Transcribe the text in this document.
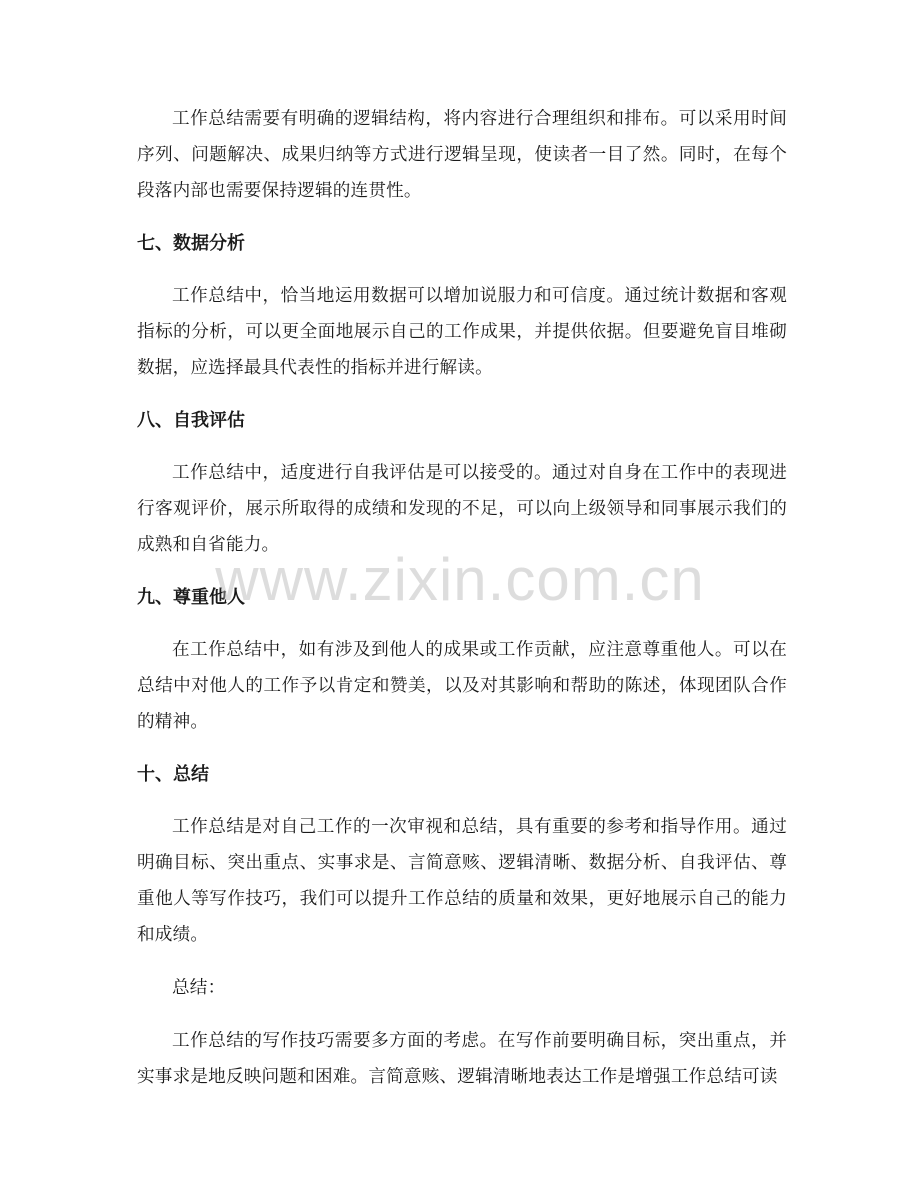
工作总结需要有明确的逻辑结构，将内容进行合理组织和排布。可以采用时间序列、问题解决、成果归纳等方式进行逻辑呈现，使读者一目了然。同时，在每个段落内部也需要保持逻辑的连贯性。

七、数据分析

工作总结中，恰当地运用数据可以增加说服力和可信度。通过统计数据和客观指标的分析，可以更全面地展示自己的工作成果，并提供依据。但要避免盲目堆砌数据，应选择最具代表性的指标并进行解读。

八、自我评估

工作总结中，适度进行自我评估是可以接受的。通过对自身在工作中的表现进行客观评价，展示所取得的成绩和发现的不足，可以向上级领导和同事展示我们的成熟和自省能力。

九、尊重他人

在工作总结中，如有涉及到他人的成果或工作贡献，应注意尊重他人。可以在总结中对他人的工作予以肯定和赞美，以及对其影响和帮助的陈述，体现团队合作的精神。

十、总结

工作总结是对自己工作的一次审视和总结，具有重要的参考和指导作用。通过明确目标、突出重点、实事求是、言简意赅、逻辑清晰、数据分析、自我评估、尊重他人等写作技巧，我们可以提升工作总结的质量和效果，更好地展示自己的能力和成绩。

总结：

工作总结的写作技巧需要多方面的考虑。在写作前要明确目标，突出重点，并实事求是地反映问题和困难。言简意赅、逻辑清晰地表达工作是增强工作总结可读

www.zixin.com.cn
